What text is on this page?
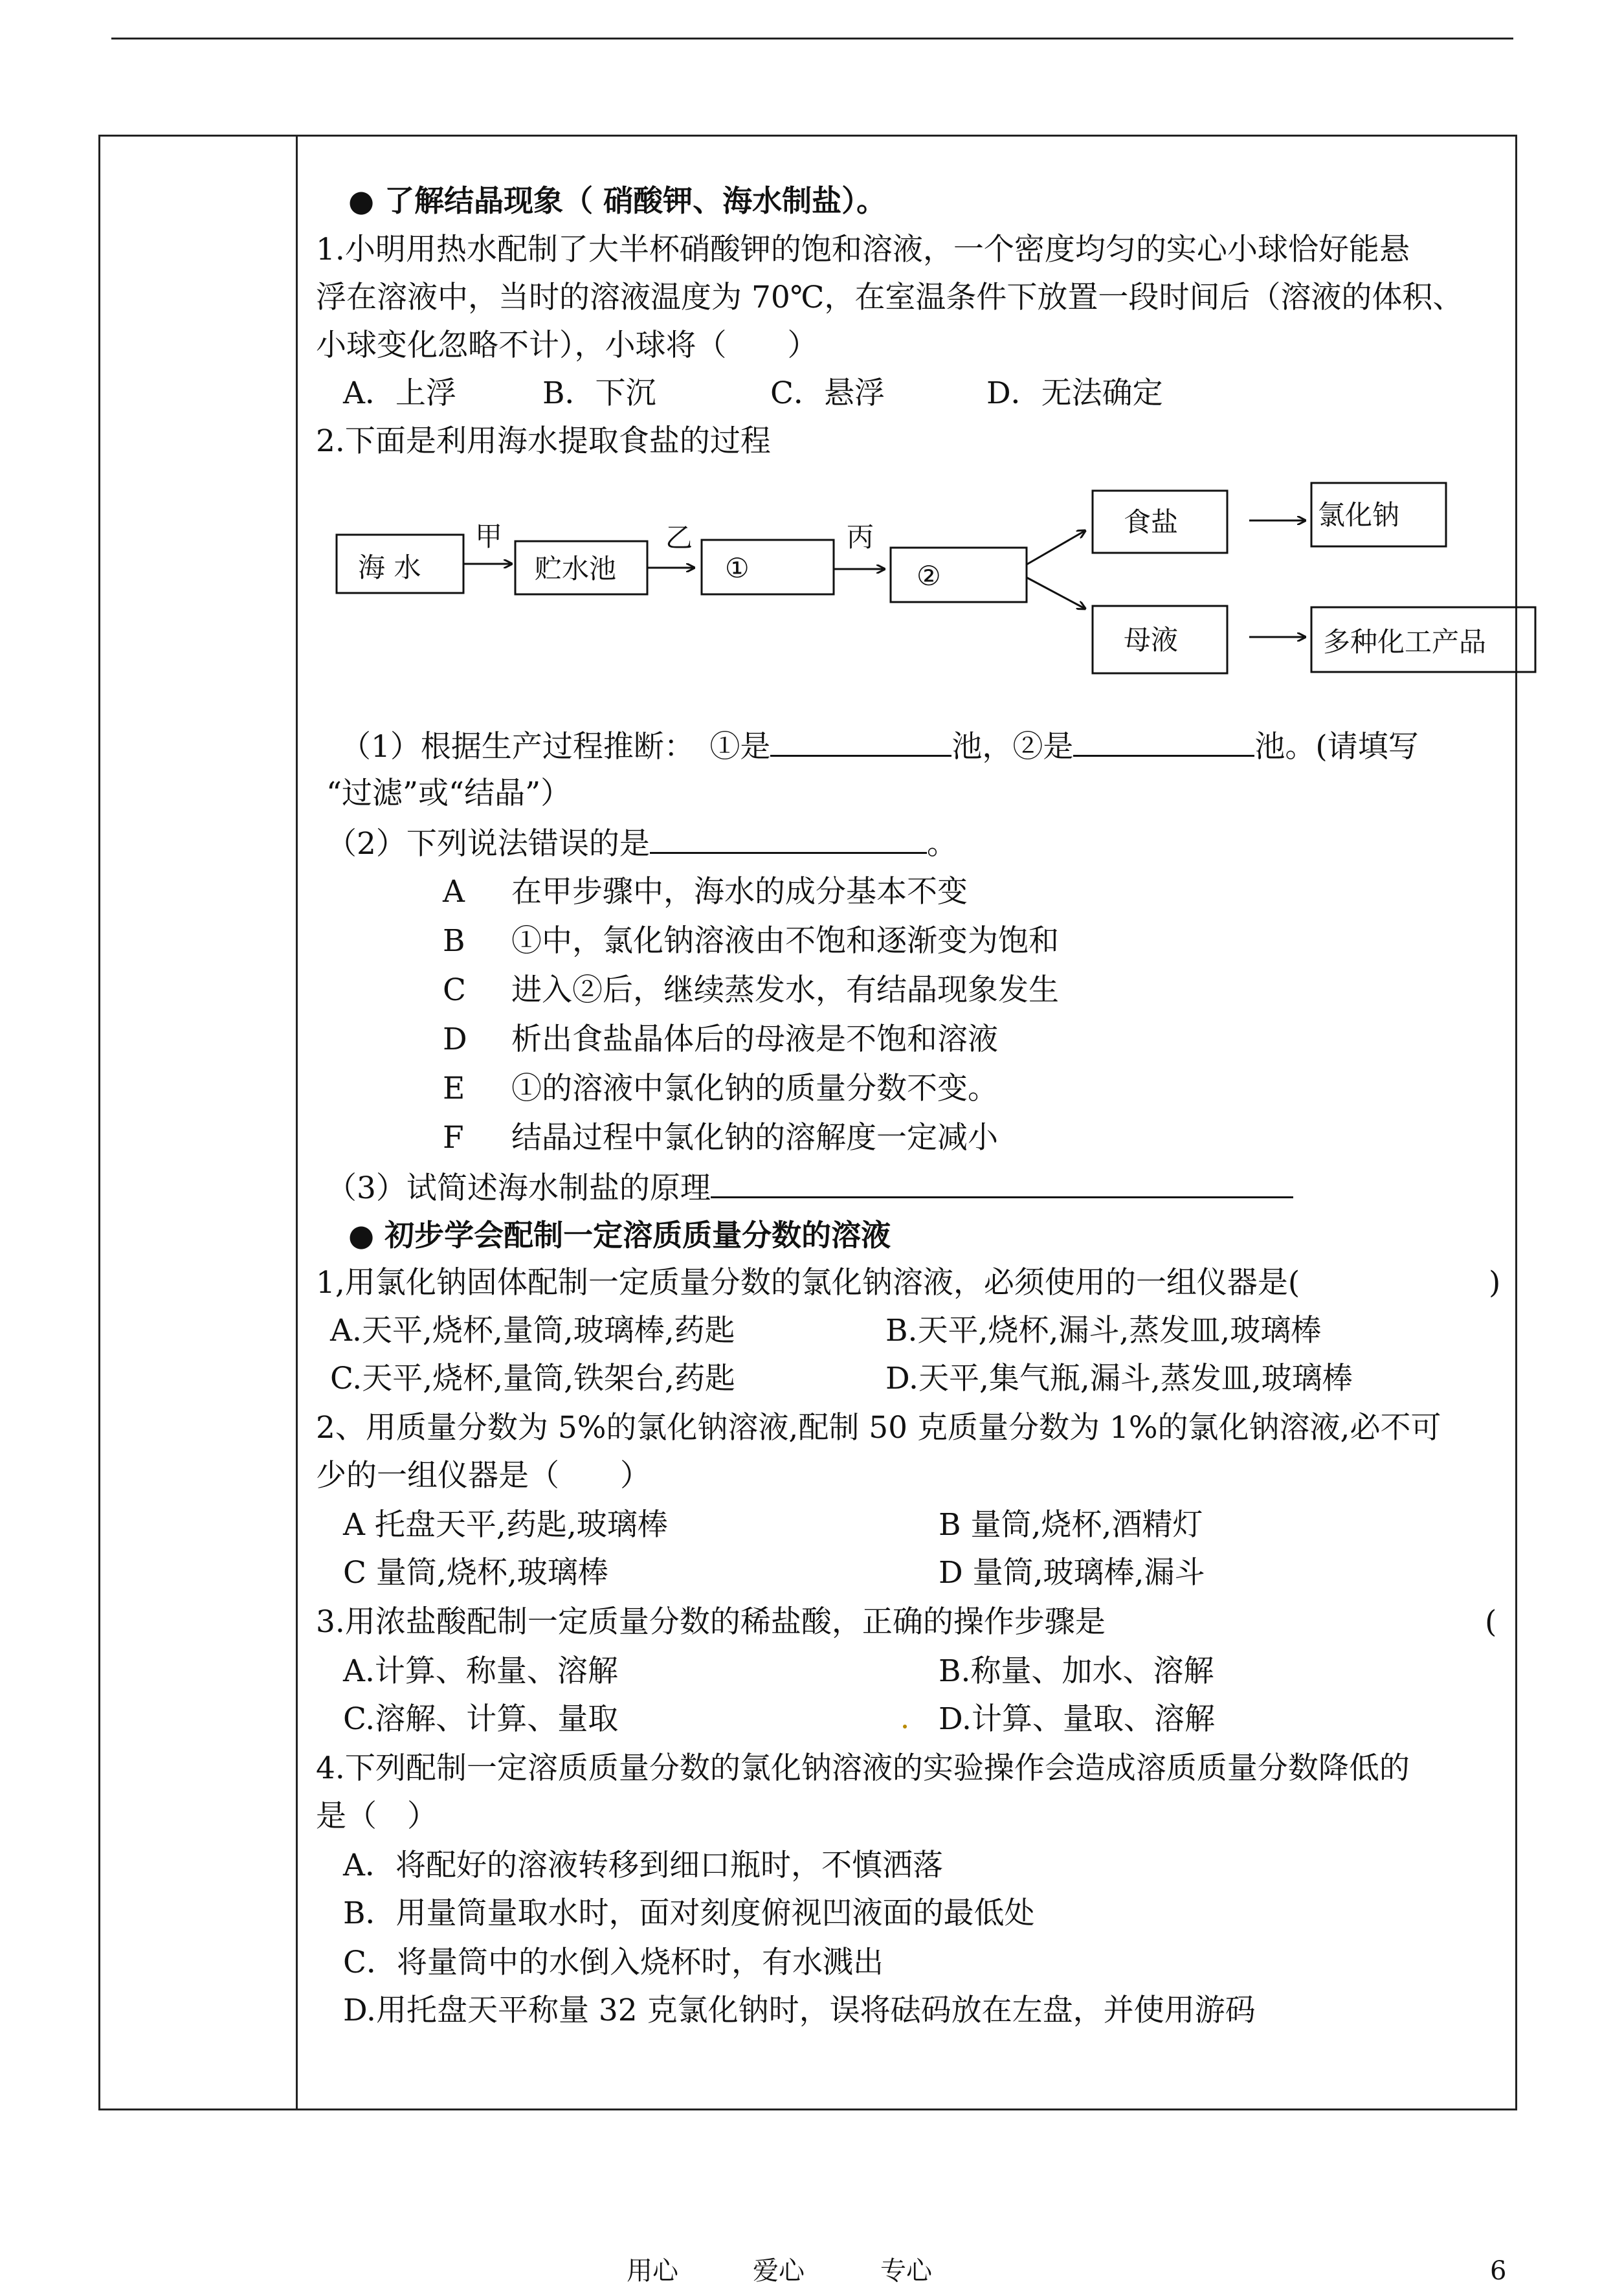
● 了解结晶现象（ 硝酸钾、海水制盐）。
1.小明用热水配制了大半杯硝酸钾的饱和溶液，一个密度均匀的实心小球恰好能悬
浮在溶液中，当时的溶液温度为 70℃，在室温条件下放置一段时间后（溶液的体积、
小球变化忽略不计），小球将（　　）
A．上浮	B．下沉	C．悬浮	D．无法确定
2.下面是利用海水提取食盐的过程
海 水
甲
贮水池
乙
①
丙
②
食盐	氯化钠
母液	多种化工产品
（1）根据生产过程推断：　①是	池，②是	池。(请填写
“过滤”或“结晶”）
（2）下列说法错误的是	。
A 在甲步骤中，海水的成分基本不变
B ①中，氯化钠溶液由不饱和逐渐变为饱和
C 进入②后，继续蒸发水，有结晶现象发生
D 析出食盐晶体后的母液是不饱和溶液
E ①的溶液中氯化钠的质量分数不变。
F 结晶过程中氯化钠的溶解度一定减小
（3）试简述海水制盐的原理
● 初步学会配制一定溶质质量分数的溶液
1,用氯化钠固体配制一定质量分数的氯化钠溶液，必须使用的一组仪器是(	)
A.天平,烧杯,量筒,玻璃棒,药匙	B.天平,烧杯,漏斗,蒸发皿,玻璃棒
C.天平,烧杯,量筒,铁架台,药匙	D.天平,集气瓶,漏斗,蒸发皿,玻璃棒
2、用质量分数为 5%的氯化钠溶液,配制 50 克质量分数为 1%的氯化钠溶液,必不可
少的一组仪器是（　　）
A 托盘天平,药匙,玻璃棒	B 量筒,烧杯,酒精灯
C 量筒,烧杯,玻璃棒	D 量筒,玻璃棒,漏斗
3.用浓盐酸配制一定质量分数的稀盐酸，正确的操作步骤是	(
A.计算、称量、溶解	B.称量、加水、溶解
C.溶解、计算、量取	D.计算、量取、溶解
4.下列配制一定溶质质量分数的氯化钠溶液的实验操作会造成溶质质量分数降低的
是（　）
A．将配好的溶液转移到细口瓶时，不慎洒落
B．用量筒量取水时，面对刻度俯视凹液面的最低处
C．将量筒中的水倒入烧杯时，有水溅出
D.用托盘天平称量 32 克氯化钠时，误将砝码放在左盘，并使用游码
用心	爱心	专心	6
